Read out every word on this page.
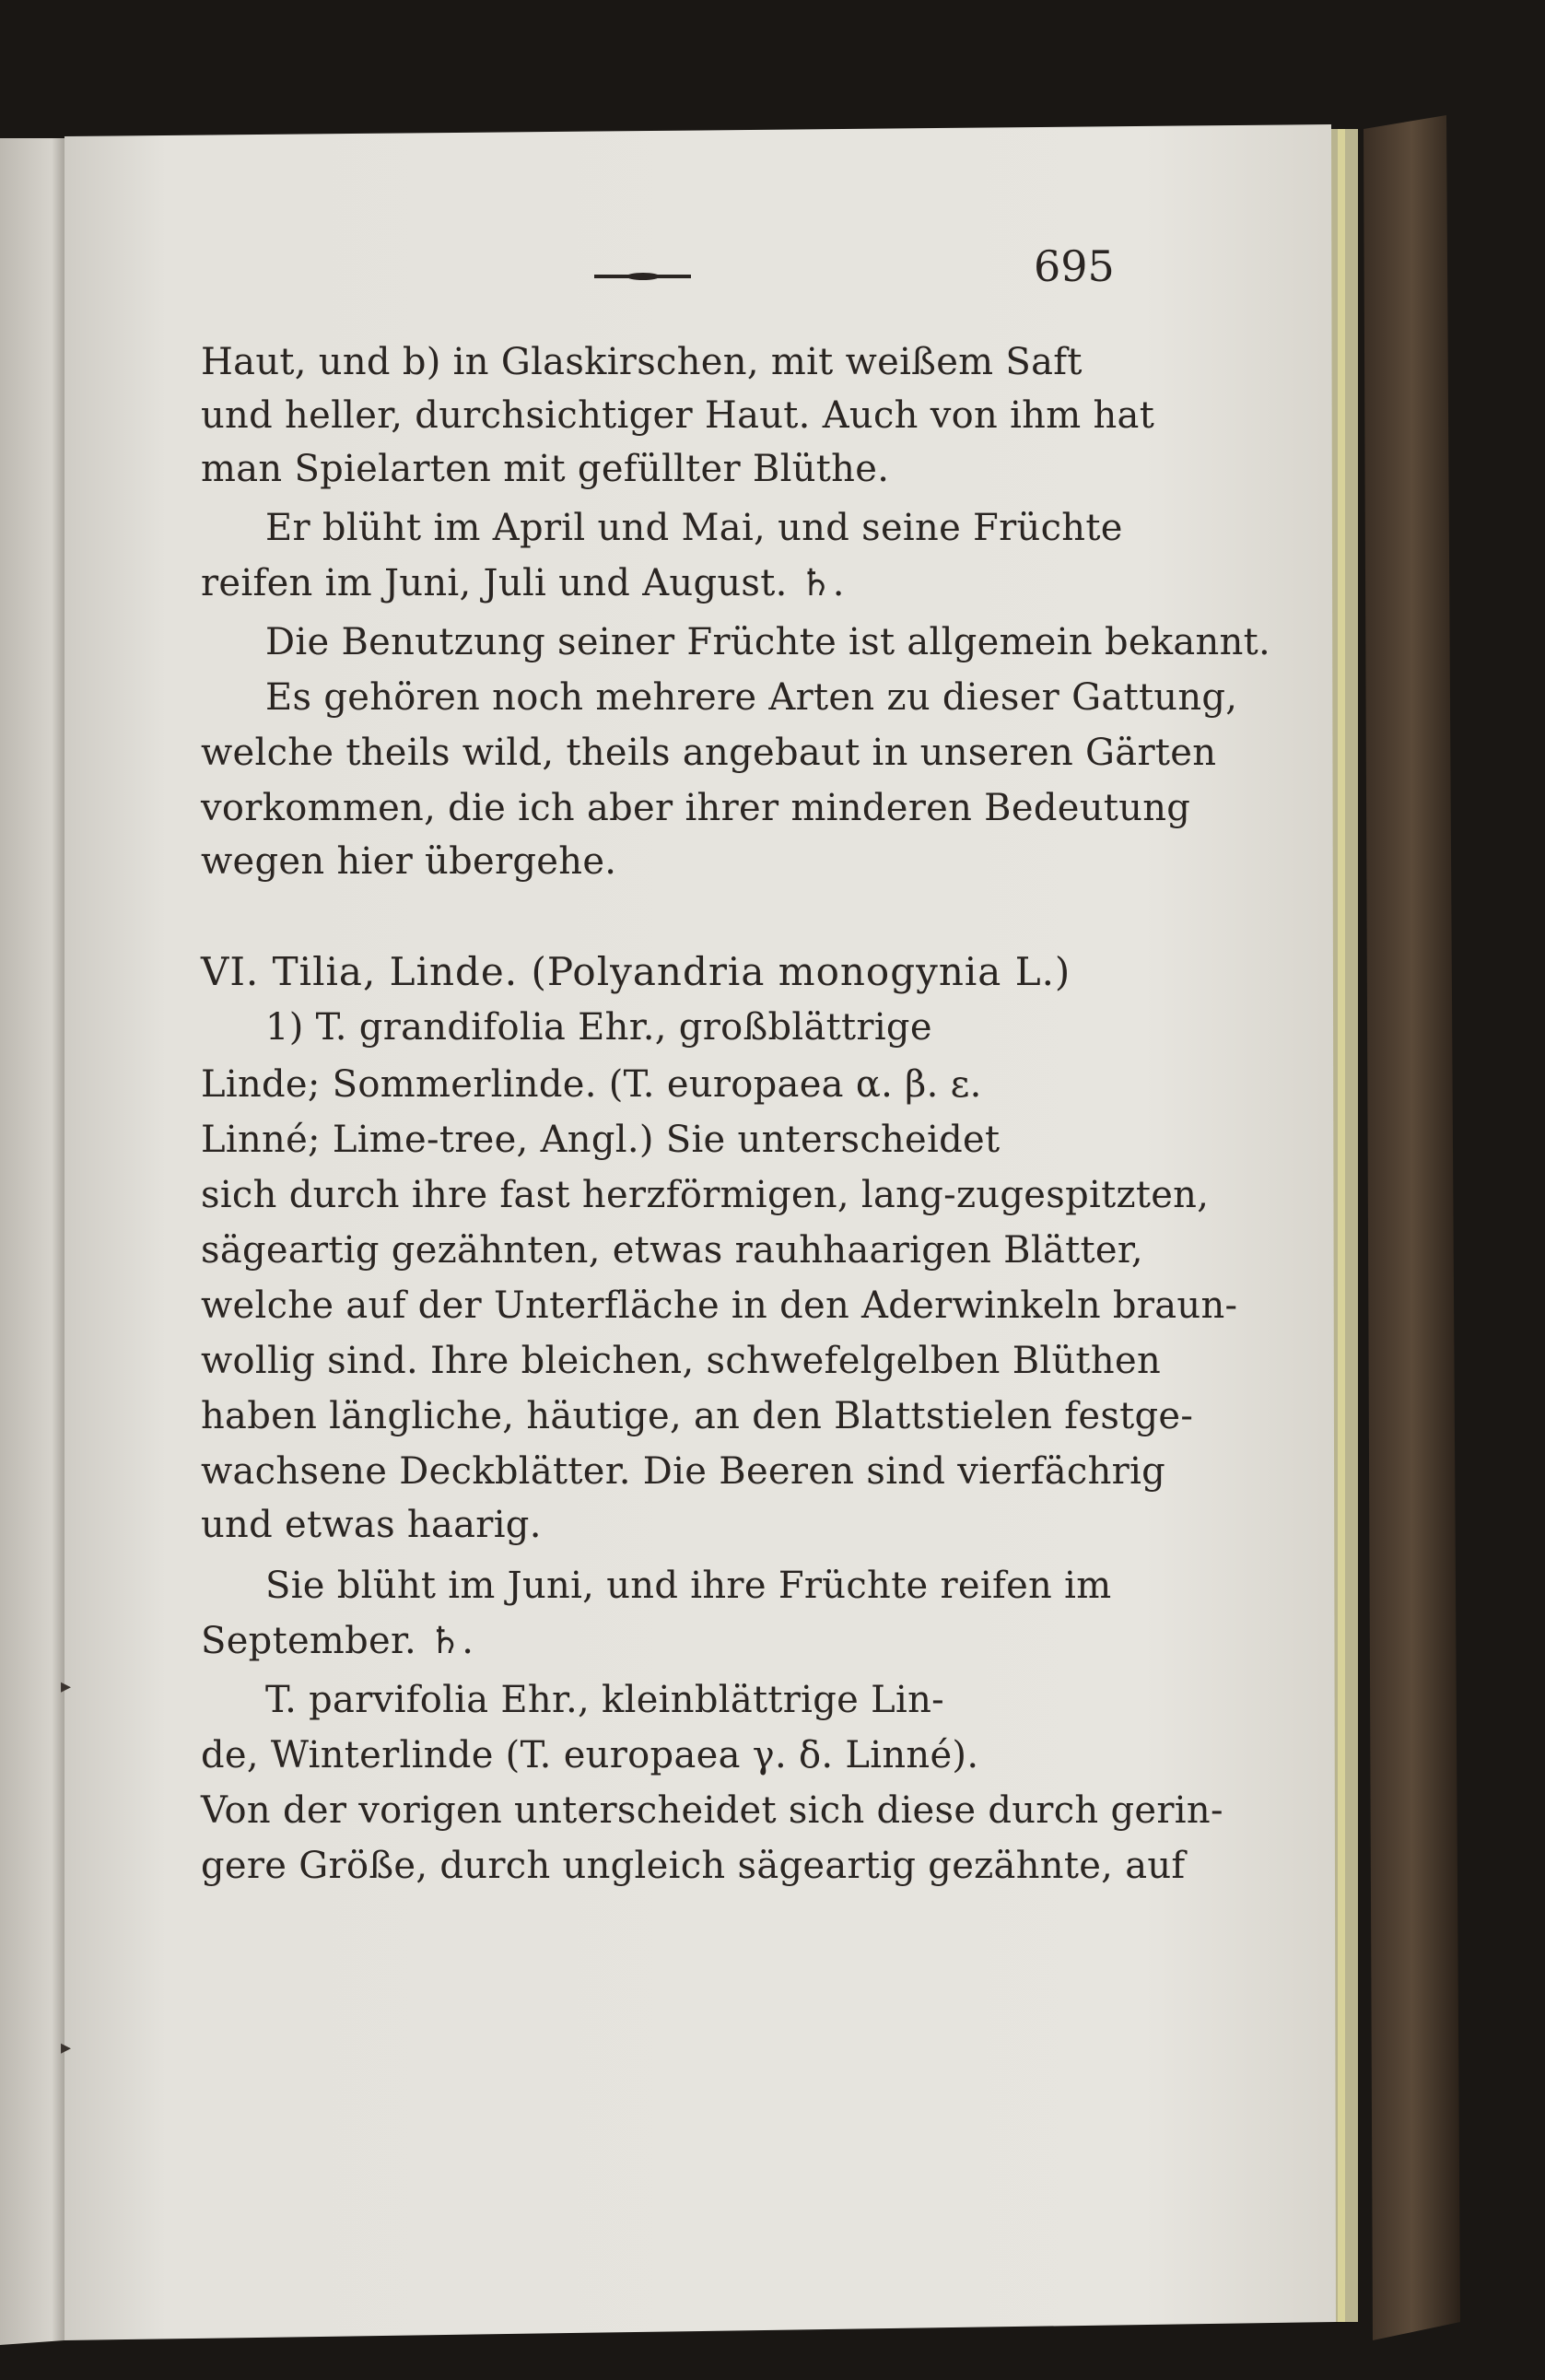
695
Haut, und b) in Glaskirschen, mit weißem Saft
und heller, durchsichtiger Haut. Auch von ihm hat
man Spielarten mit gefüllter Blüthe.
Er blüht im April und Mai, und seine Früchte
reifen im Juni, Juli und August. ♄.
Die Benutzung seiner Früchte ist allgemein bekannt.
Es gehören noch mehrere Arten zu dieser Gattung,
welche theils wild, theils angebaut in unseren Gärten
vorkommen, die ich aber ihrer minderen Bedeutung
wegen hier übergehe.
VI. Tilia, Linde. (Polyandria monogynia L.)
1) T. grandifolia Ehr., großblättrige
Linde; Sommerlinde. (T. europaea α. β. ε.
Linné; Lime-tree, Angl.) Sie unterscheidet
sich durch ihre fast herzförmigen, lang-zugespitzten,
sägeartig gezähnten, etwas rauhhaarigen Blätter,
welche auf der Unterfläche in den Aderwinkeln braun-
wollig sind. Ihre bleichen, schwefelgelben Blüthen
haben längliche, häutige, an den Blattstielen festge-
wachsene Deckblätter. Die Beeren sind vierfächrig
und etwas haarig.
Sie blüht im Juni, und ihre Früchte reifen im
September. ♄.
T. parvifolia Ehr., kleinblättrige Lin-
de, Winterlinde (T. europaea γ. δ. Linné).
Von der vorigen unterscheidet sich diese durch gerin-
gere Größe, durch ungleich sägeartig gezähnte, auf
▸
▸
